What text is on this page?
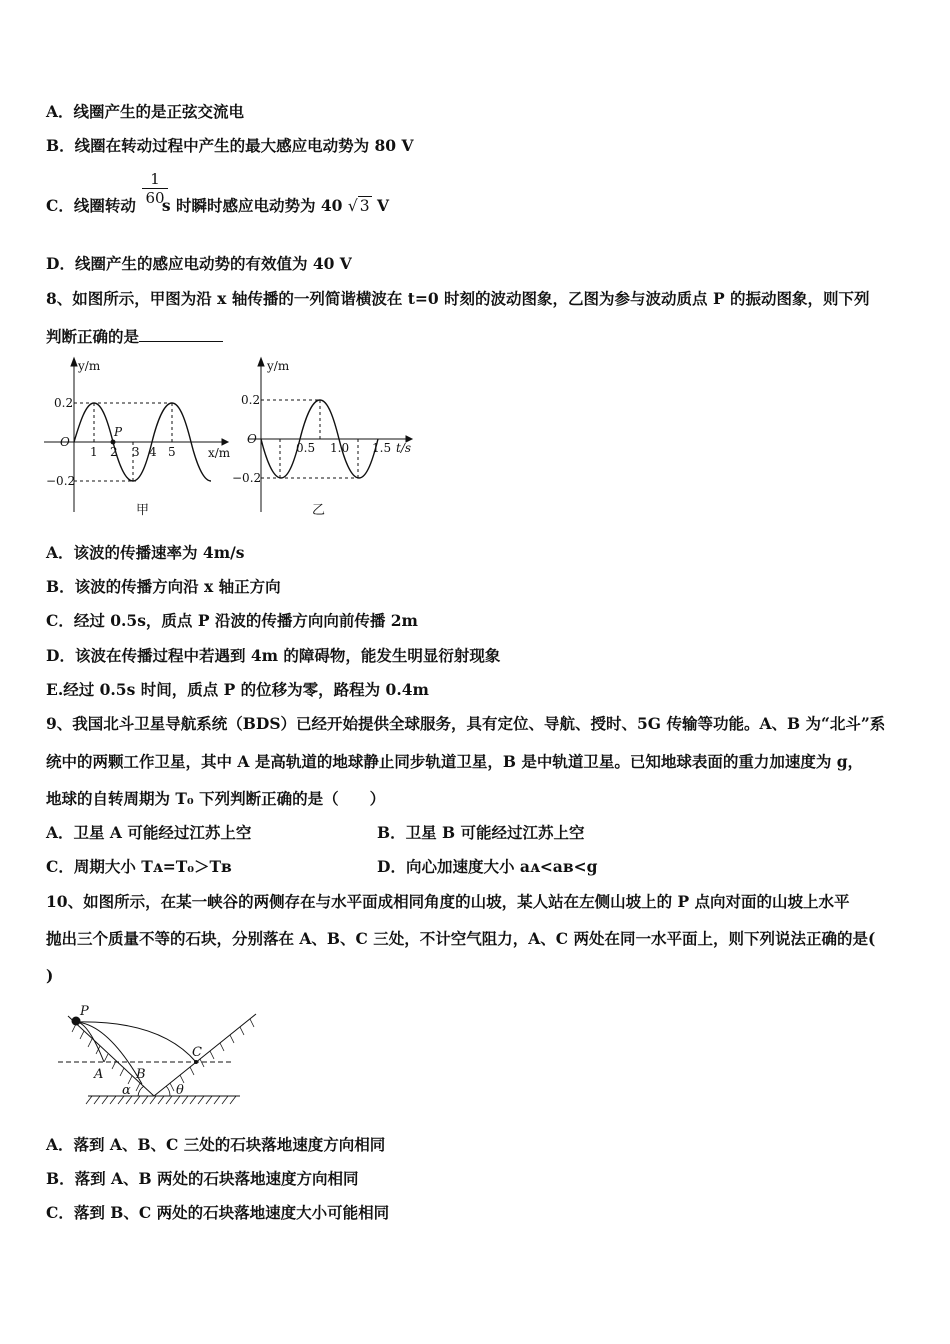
A．线圈产生的是正弦交流电
B．线圈在转动过程中产生的最大感应电动势为 80 V
C．线圈转动 s 时瞬时感应电动势为 40 √ 3 V
$\frac{1}{60}$
D．线圈产生的感应电动势的有效值为 40 V
8、如图所示，甲图为沿 x 轴传播的一列简谐横波在 t=0 时刻的波动图象，乙图为参与波动质点 P 的振动图象，则下列
判断正确的是
y/m
x/m
O
P
0.2
−0.2
1 2 3 4 5
甲
y/m
t/s
O
0.2
−0.2
0.5 1.0 1.5
乙
A．该波的传播速率为 4m/s
B．该波的传播方向沿 x 轴正方向
C．经过 0.5s，质点 P 沿波的传播方向向前传播 2m
D．该波在传播过程中若遇到 4m 的障碍物，能发生明显衍射现象
E.经过 0.5s 时间，质点 P 的位移为零，路程为 0.4m
9、我国北斗卫星导航系统（BDS）已经开始提供全球服务，具有定位、导航、授时、5G 传输等功能。A、B 为“北斗”系
统中的两颗工作卫星，其中 A 是高轨道的地球静止同步轨道卫星，B 是中轨道卫星。已知地球表面的重力加速度为 g，
地球的自转周期为 T₀ 下列判断正确的是（　　）
A．卫星 A 可能经过江苏上空	B．卫星 B 可能经过江苏上空
C．周期大小 Tᴀ=T₀＞Tʙ	D．向心加速度大小 aᴀ<aʙ<g
10、如图所示，在某一峡谷的两侧存在与水平面成相同角度的山坡，某人站在左侧山坡上的 P 点向对面的山坡上水平
抛出三个质量不等的石块，分别落在 A、B、C 三处，不计空气阻力，A、C 两处在同一水平面上，则下列说法正确的是(
)
P
A	B
C
α	θ
A．落到 A、B、C 三处的石块落地速度方向相同
B．落到 A、B 两处的石块落地速度方向相同
C．落到 B、C 两处的石块落地速度大小可能相同
